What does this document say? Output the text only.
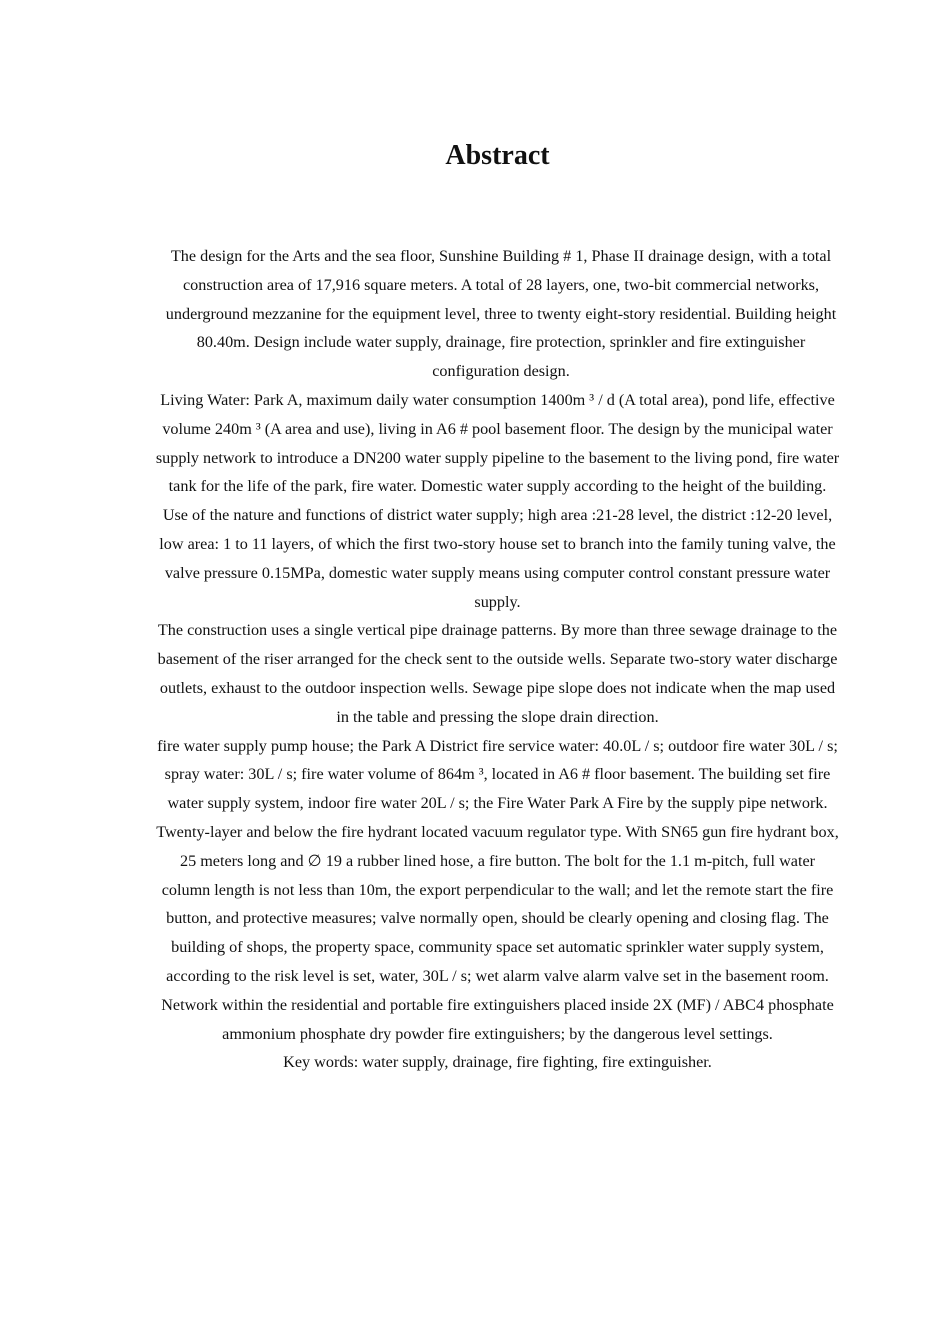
Abstract

The design for the Arts and the sea floor, Sunshine Building # 1, Phase II drainage design, with a total construction area of 17,916 square meters. A total of 28 layers, one, two-bit commercial networks, underground mezzanine for the equipment level, three to twenty eight-story residential. Building height 80.40m. Design include water supply, drainage, fire protection, sprinkler and fire extinguisher configuration design.

Living Water: Park A, maximum daily water consumption 1400m ³ / d (A total area), pond life, effective volume 240m ³ (A area and use), living in A6 # pool basement floor. The design by the municipal water supply network to introduce a DN200 water supply pipeline to the basement to the living pond, fire water tank for the life of the park, fire water. Domestic water supply according to the height of the building. Use of the nature and functions of district water supply; high area :21-28 level, the district :12-20 level, low area: 1 to 11 layers, of which the first two-story house set to branch into the family tuning valve, the valve pressure 0.15MPa, domestic water supply means using computer control constant pressure water supply.

The construction uses a single vertical pipe drainage patterns. By more than three sewage drainage to the basement of the riser arranged for the check sent to the outside wells. Separate two-story water discharge outlets, exhaust to the outdoor inspection wells. Sewage pipe slope does not indicate when the map used in the table and pressing the slope drain direction.

fire water supply pump house; the Park A District fire service water: 40.0L / s; outdoor fire water 30L / s; spray water: 30L / s; fire water volume of 864m ³, located in A6 # floor basement. The building set fire water supply system, indoor fire water 20L / s; the Fire Water Park A Fire by the supply pipe network. Twenty-layer and below the fire hydrant located vacuum regulator type. With SN65 gun fire hydrant box, 25 meters long and ∅ 19 a rubber lined hose, a fire button. The bolt for the 1.1 m-pitch, full water column length is not less than 10m, the export perpendicular to the wall; and let the remote start the fire button, and protective measures; valve normally open, should be clearly opening and closing flag. The building of shops, the property space, community space set automatic sprinkler water supply system, according to the risk level is set, water, 30L / s; wet alarm valve alarm valve set in the basement room. Network within the residential and portable fire extinguishers placed inside 2X (MF) / ABC4 phosphate ammonium phosphate dry powder fire extinguishers; by the dangerous level settings.

Key words: water supply, drainage, fire fighting, fire extinguisher.
